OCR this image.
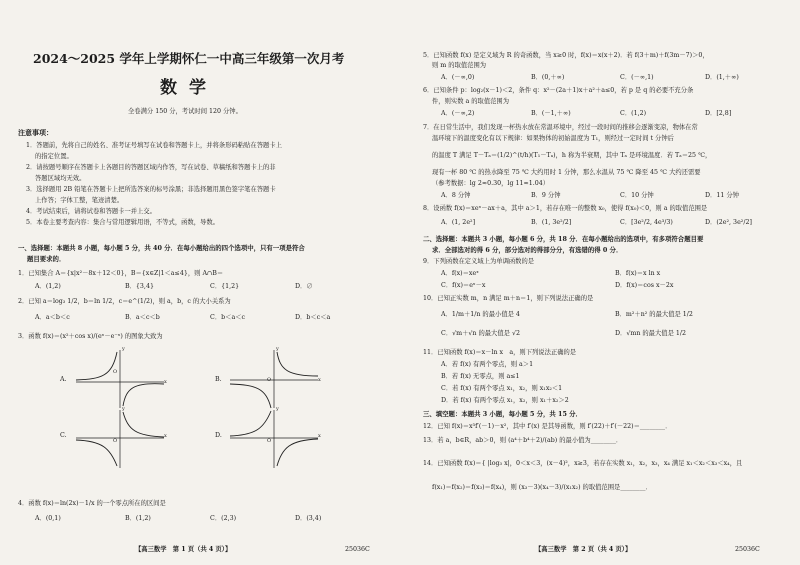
2024～2025 学年上学期怀仁一中高三年级第一次月考
数学
全卷满分 150 分，考试时间 120 分钟。
注意事项：
1．答题前，先将自己的姓名、准考证号填写在试卷和答题卡上，并将条形码粘贴在答题卡上
的指定位置。
2．请按题号顺序在答题卡上各题目的答题区域内作答，写在试卷、草稿纸和答题卡上的非
答题区域均无效。
3．选择题用 2B 铅笔在答题卡上把所选答案的标号涂黑；非选择题用黑色签字笔在答题卡
上作答；字体工整，笔迹清楚。
4．考试结束后，请将试卷和答题卡一并上交。
5．本卷主要考查内容：集合与常用逻辑用语，不等式，函数，导数。
一、选择题：本题共 8 小题，每小题 5 分，共 40 分．在每小题给出的四个选项中，只有一项是符合
题目要求的．
1．已知集合 A＝{x|x²－8x＋12＜0}，B＝{x∈Z|1＜a≤4}，则 A∩B＝
A．(1,2)	B．{3,4}	C．{1,2}	D．∅
2．已知 a＝log₃ 1/2，b＝ln 1/2，c＝e^(1/2)，则 a，b，c 的大小关系为
A．a＜b＜c	B．a＜c＜b	C．b＜a＜c	D．b＜c＜a
3．函数 f(x)＝(x²＋cos x)/(eˣ－e⁻ˣ) 的图象大致为
A.
O
x
y
B.	O	x
y
C.
O
x
y
D.
O
x
y
4．函数 f(x)＝ln(2x)－1/x 的一个零点所在的区间是
A．(0,1)	B．(1,2)	C．(2,3)	D．(3,4)
【高三数学　第 1 页（共 4 页）】	25036C
5．已知函数 f(x) 是定义域为 R 的奇函数，当 x≥0 时，f(x)＝x(x＋2)．若 f(3＋m)＋f(3m－7)＞0，
则 m 的取值范围为
A．(－∞,0)	B．(0,＋∞)	C．(－∞,1)	D．(1,＋∞)
6．已知条件 p：log₂(x－1)＜2，条件 q：x²－(2a＋1)x＋a²＋a≤0，若 p 是 q 的必要不充分条
件，则实数 a 的取值范围为
A．(－∞,2)	B．(－1,＋∞)	C．(1,2)	D．[2,8]
7．在日常生活中，我们发现一杯热水放在常温环境中，经过一段时间的推移会逐渐变凉，物体在常
温环境下的温度变化有以下规律：如果物体的初始温度为 T₁，则经过一定时间 t 分钟后
的温度 T 满足 T－Tₐ＝(1/2)^(t/h)(T₁－Tₐ)，h 称为半衰期，其中 Tₐ 是环境温度．若 Tₐ＝25 ℃，
现有一杯 80 ℃ 的热水降至 75 ℃ 大约用时 1 分钟，那么水温从 75 ℃ 降至 45 ℃ 大约还需要
（参考数据：lg 2≈0.30，lg 11≈1.04）
A．8 分钟	B．9 分钟	C．10 分钟	D．11 分钟
8．设函数 f(x)＝xeˣ－ax＋a，其中 a＞1，若存在唯一的整数 x₀，使得 f(x₀)＜0，则 a 的取值范围是
A．(1, 2e²]	B．(1, 3e²/2]	C．[3e²/2, 4e³/3)	D．(2e², 3e²/2]
二、选择题：本题共 3 小题，每小题 6 分，共 18 分．在每小题给出的选项中，有多项符合题目要
求．全部选对的得 6 分，部分选对的得部分分，有选错的得 0 分．
9．下列函数在定义域上为单调函数的是
A．f(x)＝xeˣ	B．f(x)＝x ln x
C．f(x)＝eˣ－x	D．f(x)＝cos x－2x
10．已知正实数 m，n 满足 m＋n＝1，则下列说法正确的是
A．1/m＋1/n 的最小值是 4	B．m²＋n² 的最大值是 1/2
C．√m＋√n 的最大值是 √2	D．√mn 的最大值是 1/2
11．已知函数 f(x)＝x－ln x　a，则下列说法正确的是
A．若 f(x) 有两个零点，则 a＞1
B．若 f(x) 无零点，则 a≤1
C．若 f(x) 有两个零点 x₁，x₂，则 x₁x₂＜1
D．若 f(x) 有两个零点 x₁，x₂，则 x₁＋x₂＞2
三、填空题：本题共 3 小题，每小题 5 分，共 15 分．
12．已知 f(x)＝x³f′(－1)－x²，其中 f′(x) 是其导函数，则 f′(22)＋f′(－22)＝________．
13．若 a，b∈R，ab＞0，则 (a⁴＋b⁴＋2)/(ab) 的最小值为________．
14．已知函数 f(x)＝{ |log₃ x|，0＜x＜3，(x－4)²，x≥3，若存在实数 x₁，x₂，x₃，x₄ 满足 x₁＜x₂＜x₃＜x₄，且
f(x₁)＝f(x₂)＝f(x₃)＝f(x₄)，则 (x₃－3)(x₄－3)/(x₁x₂) 的取值范围是________．
【高三数学　第 2 页（共 4 页）】	25036C
